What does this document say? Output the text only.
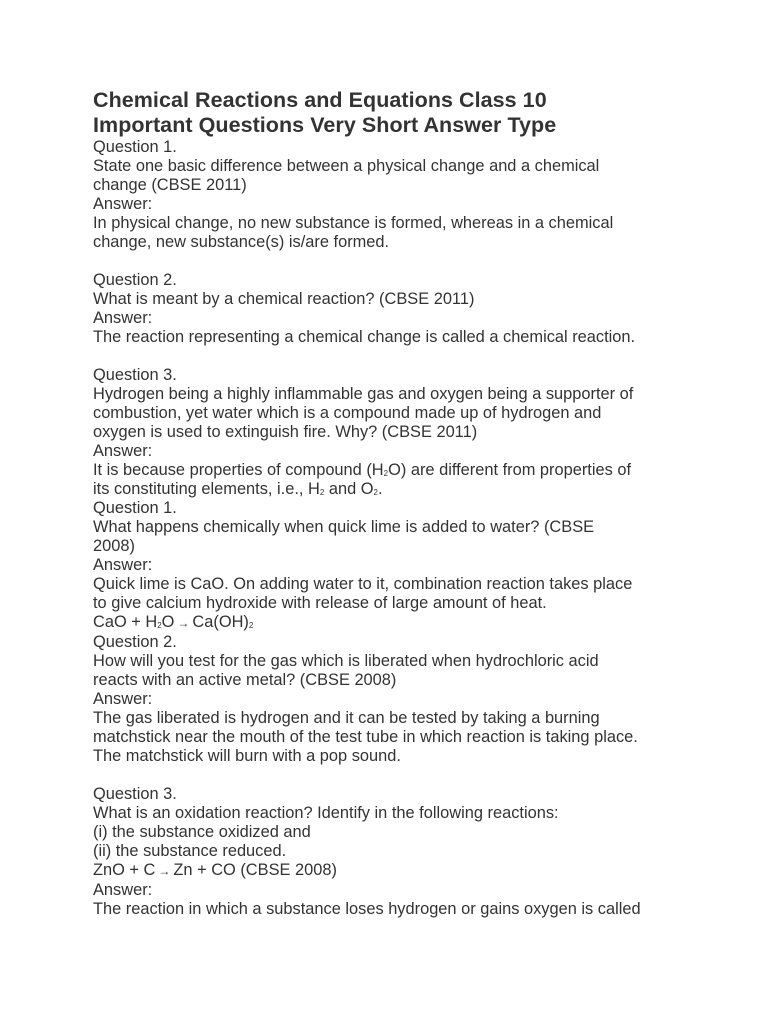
Chemical Reactions and Equations Class 10
Important Questions Very Short Answer Type

Question 1.

State one basic difference between a physical change and a chemical

change (CBSE 2011)

Answer:

In physical change, no new substance is formed, whereas in a chemical

change, new substance(s) is/are formed.

Question 2.

What is meant by a chemical reaction? (CBSE 2011)

Answer:

The reaction representing a chemical change is called a chemical reaction.

Question 3.

Hydrogen being a highly inflammable gas and oxygen being a supporter of

combustion, yet water which is a compound made up of hydrogen and

oxygen is used to extinguish fire. Why? (CBSE 2011)

Answer:

It is because properties of compound $(H_2O)$ are different from properties of

its constituting elements, i.e., $H_2$ and $O_2$.

Question 1.

What happens chemically when quick lime is added to water? (CBSE

2008)

Answer:

Quick lime is CaO. On adding water to it, combination reaction takes place

to give calcium hydroxide with release of large amount of heat.

CaO + $H_2O \to Ca(OH)_2$

Question 2.

How will you test for the gas which is liberated when hydrochloric acid

reacts with an active metal? (CBSE 2008)

Answer:

The gas liberated is hydrogen and it can be tested by taking a burning

matchstick near the mouth of the test tube in which reaction is taking place.

The matchstick will burn with a pop sound.

Question 3.

What is an oxidation reaction? Identify in the following reactions:

(i) the substance oxidized and

(ii) the substance reduced.

ZnO + C → Zn + CO (CBSE 2008)

Answer:

The reaction in which a substance loses hydrogen or gains oxygen is called
